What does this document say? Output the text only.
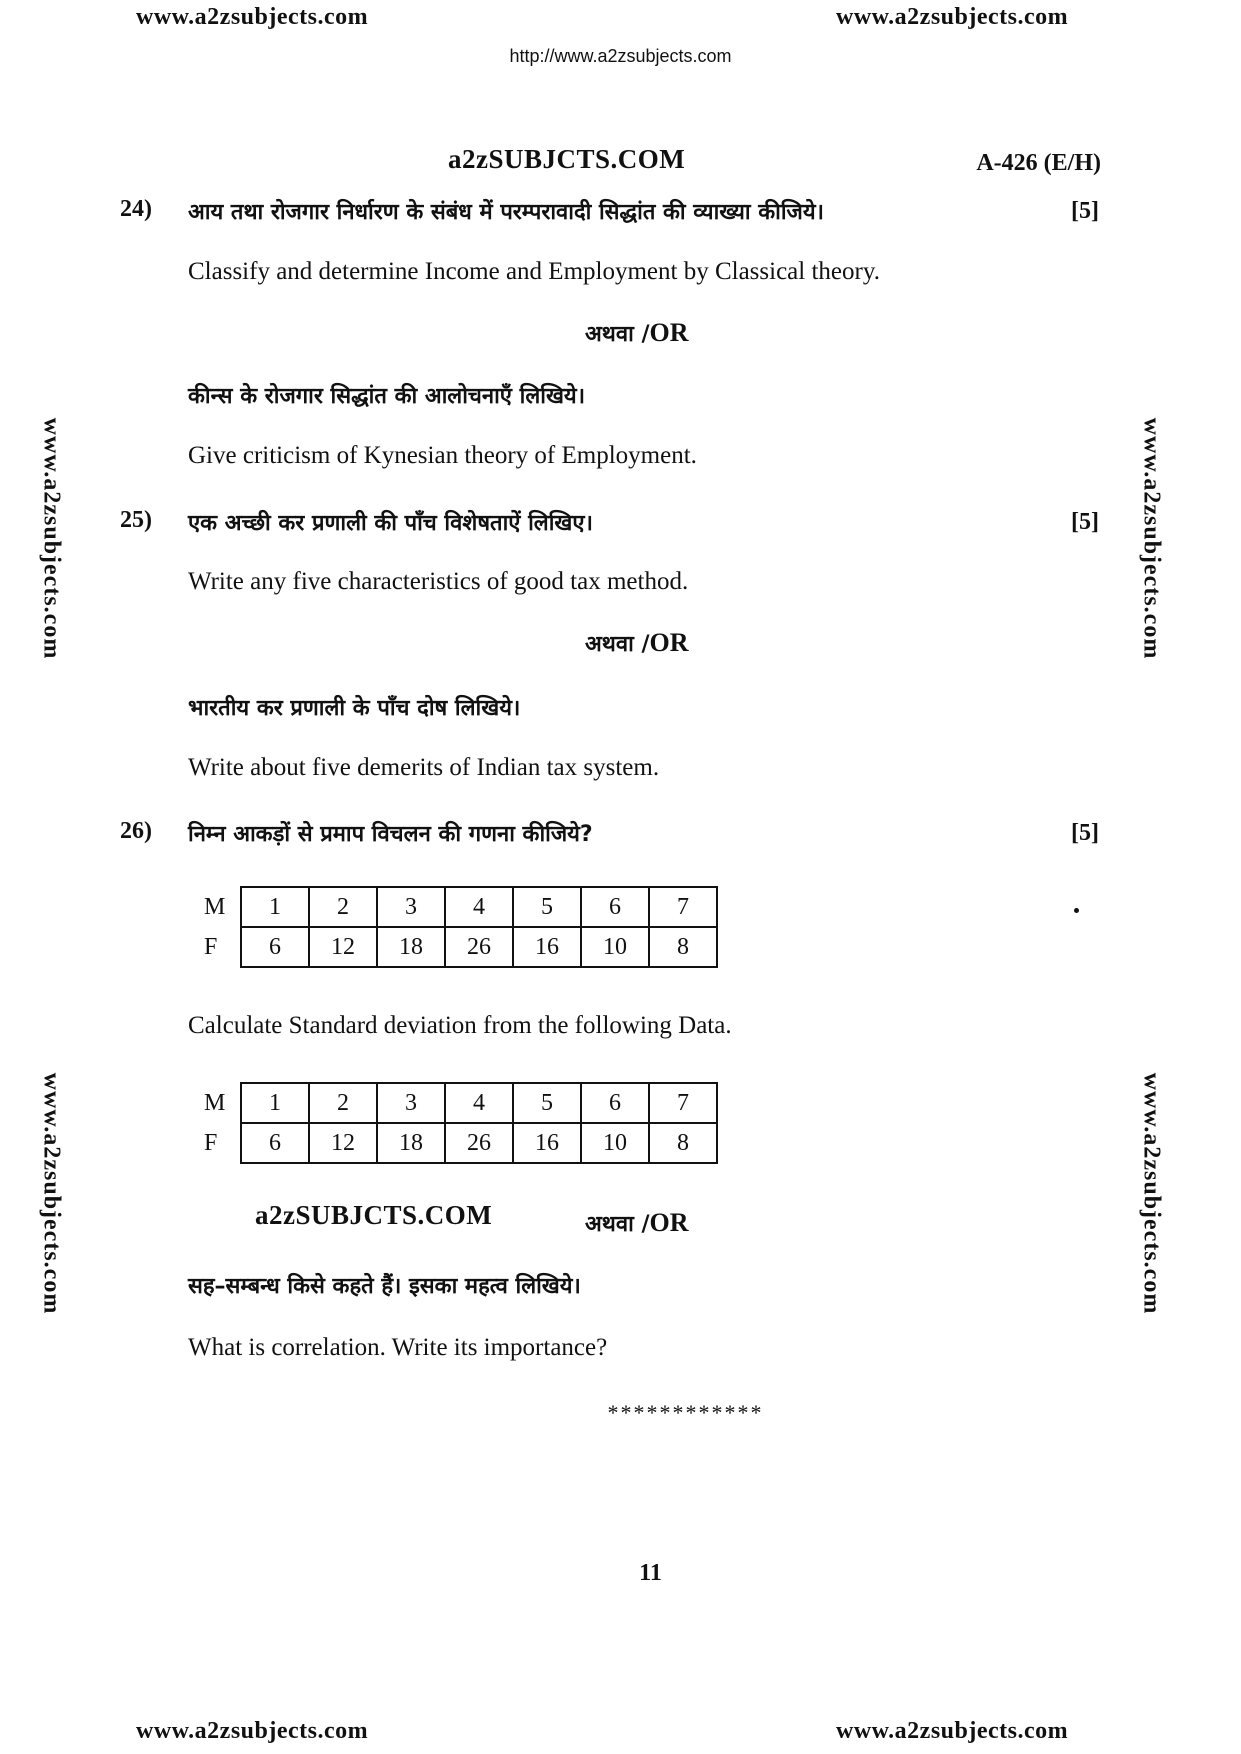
www.a2zsubjects.com	www.a2zsubjects.com
http://www.a2zsubjects.com
www.a2zsubjects.com
www.a2zsubjects.com
www.a2zsubjects.com
www.a2zsubjects.com
a2zSUBJCTS.COM	A-426 (E/H)
24) आय तथा रोजगार निर्धारण के संबंध में परम्परावादी सिद्धांत की व्याख्या कीजिये।	[5]
Classify and determine Income and Employment by Classical theory.
अथवा /OR
कीन्स के रोजगार सिद्धांत की आलोचनाएँ लिखिये।
Give criticism of Kynesian theory of Employment.
25) एक अच्छी कर प्रणाली की पाँच विशेषताऐं लिखिए।	[5]
Write any five characteristics of good tax method.
अथवा /OR
भारतीय कर प्रणाली के पाँच दोष लिखिये।
Write about five demerits of Indian tax system.
26) निम्न आकड़ों से प्रमाप विचलन की गणना कीजिये?	[5]
M	1	2	3	4	5	6	7
F	6	12	18	26	16	10	8
Calculate Standard deviation from the following Data.
M	1	2	3	4	5	6	7
F	6	12	18	26	16	10	8
a2zSUBJCTS.COM	अथवा /OR
सह–सम्बन्ध किसे कहते हैं। इसका महत्व लिखिये।
What is correlation. Write its importance?
************
11
www.a2zsubjects.com	www.a2zsubjects.com
